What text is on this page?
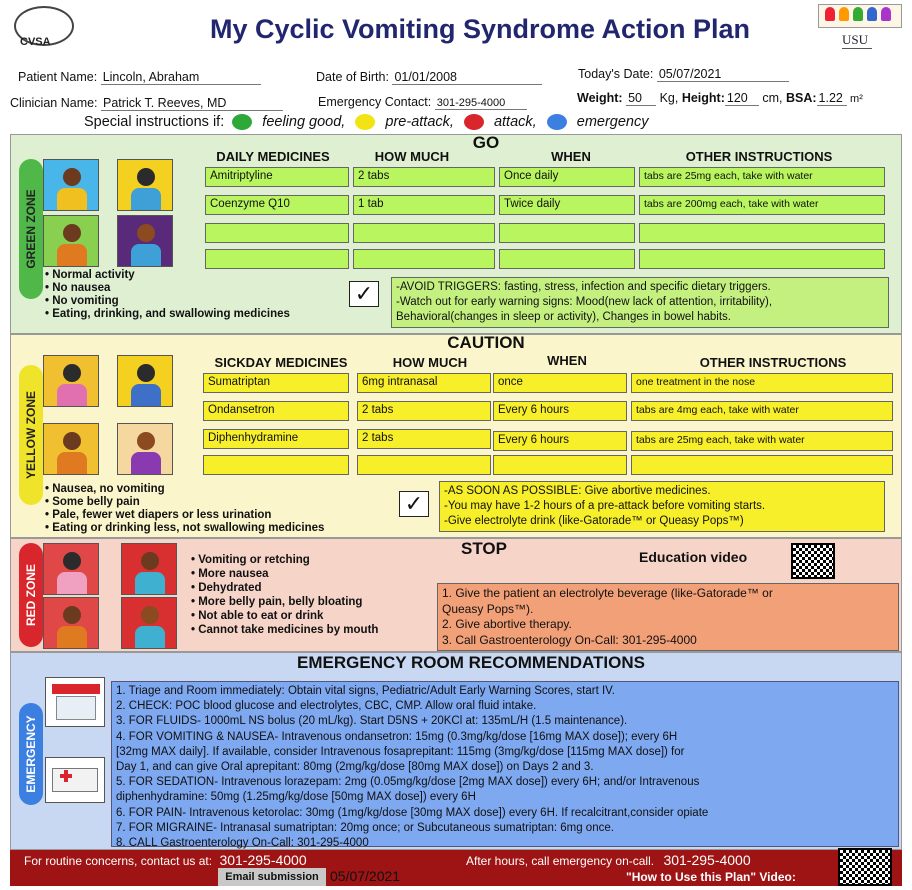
CVSA	My Cyclic Vomiting Syndrome Action Plan	USU
Patient Name: Lincoln, Abraham	Date of Birth: 01/01/2008	Today's Date: 05/07/2021
Clinician Name: Patrick T. Reeves, MD	Emergency Contact: 301-295-4000	Weight: 50 Kg, Height: 120 cm, BSA: 1.22 m²
Special instructions if:	feeling good,	pre-attack,	attack,	emergency
GREEN ZONE
GO
DAILY MEDICINES	HOW MUCH	WHEN	OTHER INSTRUCTIONS
Amitriptyline	2 tabs	Once daily	tabs are 25mg each, take with water
Coenzyme Q10	1 tab	Twice daily	tabs are 200mg each, take with water
• Normal activity
• No nausea
• No vomiting
• Eating, drinking, and swallowing medicines
✓	-AVOID TRIGGERS: fasting, stress, infection and specific dietary triggers.
-Watch out for early warning signs: Mood(new lack of attention, irritability),
Behavioral(changes in sleep or activity), Changes in bowel habits.
YELLOW ZONE
CAUTION
SICKDAY MEDICINES	HOW MUCH	WHEN	OTHER INSTRUCTIONS
Sumatriptan	6mg intranasal	once	one treatment in the nose
Ondansetron	2 tabs	Every 6 hours	tabs are 4mg each, take with water
Diphenhydramine	2 tabs	Every 6 hours	tabs are 25mg each, take with water
• Nausea, no vomiting
• Some belly pain
• Pale, fewer wet diapers or less urination
• Eating or drinking less, not swallowing medicines
✓	-AS SOON AS POSSIBLE: Give abortive medicines.
-You may have 1-2 hours of a pre-attack before vomiting starts.
-Give electrolyte drink (like-Gatorade™ or Queasy Pops™)
RED ZONE
STOP	Education video
• Vomiting or retching
• More nausea
• Dehydrated
• More belly pain, belly bloating
• Not able to eat or drink
• Cannot take medicines by mouth
1. Give the patient an electrolyte beverage (like-Gatorade™ or
Queasy Pops™).
2. Give abortive therapy.
3. Call Gastroenterology On-Call: 301-295-4000
EMERGENCY
EMERGENCY ROOM RECOMMENDATIONS
1. Triage and Room immediately: Obtain vital signs, Pediatric/Adult Early Warning Scores, start IV.
2. CHECK: POC blood glucose and electrolytes, CBC, CMP. Allow oral fluid intake.
3. FOR FLUIDS- 1000mL NS bolus (20 mL/kg). Start D5NS + 20KCl at: 135mL/H (1.5 maintenance).
4. FOR VOMITING & NAUSEA- Intravenous ondansetron: 15mg (0.3mg/kg/dose [16mg MAX dose]); every 6H
[32mg MAX daily]. If available, consider Intravenous fosaprepitant: 115mg (3mg/kg/dose [115mg MAX dose]) for
Day 1, and can give Oral aprepitant: 80mg (2mg/kg/dose [80mg MAX dose]) on Days 2 and 3.
5. FOR SEDATION- Intravenous lorazepam: 2mg (0.05mg/kg/dose [2mg MAX dose]) every 6H; and/or Intravenous
diphenhydramine: 50mg (1.25mg/kg/dose [50mg MAX dose]) every 6H
6. FOR PAIN- Intravenous ketorolac: 30mg (1mg/kg/dose [30mg MAX dose]) every 6H. If recalcitrant,consider opiate
7. FOR MIGRAINE- Intranasal sumatriptan: 20mg once; or Subcutaneous sumatriptan: 6mg once.
8. CALL Gastroenterology On-Call: 301-295-4000
For routine concerns, contact us at: 301-295-4000	After hours, call emergency on-call. 301-295-4000
Email submission 05/07/2021	"How to Use this Plan" Video:
